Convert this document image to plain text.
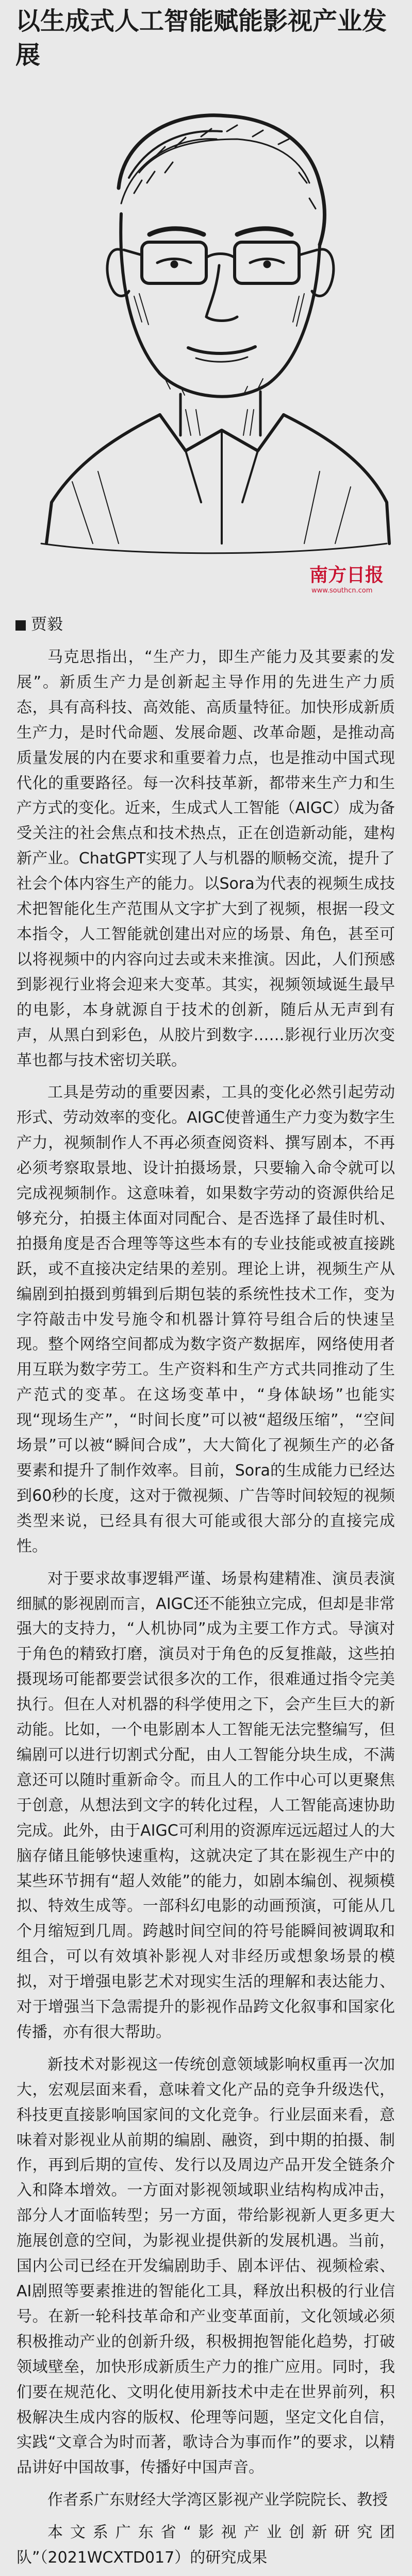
以生成式人工智能赋能影视产业发展
南方日报
www.southcn.com

贾毅

马克思指出，“生产力，即生产能力及其要素的发展”。新质生产力是创新起主导作用的先进生产力质态，具有高科技、高效能、高质量特征。加快形成新质生产力，是时代命题、发展命题、改革命题，是推动高质量发展的内在要求和重要着力点，也是推动中国式现代化的重要路径。每一次科技革新，都带来生产力和生产方式的变化。近来，生成式人工智能（AIGC）成为备受关注的社会焦点和技术热点，正在创造新动能，建构新产业。ChatGPT实现了人与机器的顺畅交流，提升了社会个体内容生产的能力。以Sora为代表的视频生成技术把智能化生产范围从文字扩大到了视频，根据一段文本指令，人工智能就创建出对应的场景、角色，甚至可以将视频中的内容向过去或未来推演。因此，人们预感到影视行业将会迎来大变革。其实，视频领域诞生最早的电影，本身就源自于技术的创新，随后从无声到有声，从黑白到彩色，从胶片到数字……影视行业历次变革也都与技术密切关联。

工具是劳动的重要因素，工具的变化必然引起劳动形式、劳动效率的变化。AIGC使普通生产力变为数字生产力，视频制作人不再必须查阅资料、撰写剧本，不再必须考察取景地、设计拍摄场景，只要输入命令就可以完成视频制作。这意味着，如果数字劳动的资源供给足够充分，拍摄主体面对同配合、是否选择了最佳时机、拍摄角度是否合理等等这些本有的专业技能或被直接跳跃，或不直接决定结果的差别。理论上讲，视频生产从编剧到拍摄到剪辑到后期包装的系统性技术工作，变为字符敲击中发号施令和机器计算符号组合后的快速呈现。整个网络空间都成为数字资产数据库，网络使用者用互联为数字劳工。生产资料和生产方式共同推动了生产范式的变革。在这场变革中，“身体缺场”也能实现“现场生产”，“时间长度”可以被“超级压缩”，“空间场景”可以被“瞬间合成”，大大简化了视频生产的必备要素和提升了制作效率。目前，Sora的生成能力已经达到60秒的长度，这对于微视频、广告等时间较短的视频类型来说，已经具有很大可能或很大部分的直接完成性。

对于要求故事逻辑严谨、场景构建精准、演员表演细腻的影视剧而言，AIGC还不能独立完成，但却是非常强大的支持力，“人机协同”成为主要工作方式。导演对于角色的精致打磨，演员对于角色的反复推敲，这些拍摄现场可能都要尝试很多次的工作，很难通过指令完美执行。但在人对机器的科学使用之下，会产生巨大的新动能。比如，一个电影剧本人工智能无法完整编写，但编剧可以进行切割式分配，由人工智能分块生成，不满意还可以随时重新命令。而且人的工作中心可以更聚焦于创意，从想法到文字的转化过程，人工智能高速协助完成。此外，由于AIGC可利用的资源库远远超过人的大脑存储且能够快速重构，这就决定了其在影视生产中的某些环节拥有“超人效能”的能力，如剧本编创、视频模拟、特效生成等。一部科幻电影的动画预演，可能从几个月缩短到几周。跨越时间空间的符号能瞬间被调取和组合，可以有效填补影视人对非经历或想象场景的模拟，对于增强电影艺术对现实生活的理解和表达能力、对于增强当下急需提升的影视作品跨文化叙事和国家化传播，亦有很大帮助。

新技术对影视这一传统创意领域影响权重再一次加大，宏观层面来看，意味着文化产品的竞争升级迭代，科技更直接影响国家间的文化竞争。行业层面来看，意味着对影视业从前期的编剧、融资，到中期的拍摄、制作，再到后期的宣传、发行以及周边产品开发全链条介入和降本增效。一方面对影视领域职业结构构成冲击，部分人才面临转型；另一方面，带给影视新人更多更大施展创意的空间，为影视业提供新的发展机遇。当前，国内公司已经在开发编剧助手、剧本评估、视频检索、AI剧照等要素推进的智能化工具，释放出积极的行业信号。在新一轮科技革命和产业变革面前，文化领域必须积极推动产业的创新升级，积极拥抱智能化趋势，打破领域壁垒，加快形成新质生产力的推广应用。同时，我们要在规范化、文明化使用新技术中走在世界前列，积极解决生成内容的版权、伦理等问题，坚定文化自信，实践“文章合为时而著，歌诗合为事而作”的要求，以精品讲好中国故事，传播好中国声音。

作者系广东财经大学湾区影视产业学院院长、教授

本文系广东省“影视产业创新研究团队”（2021WCXTD017）的研究成果
